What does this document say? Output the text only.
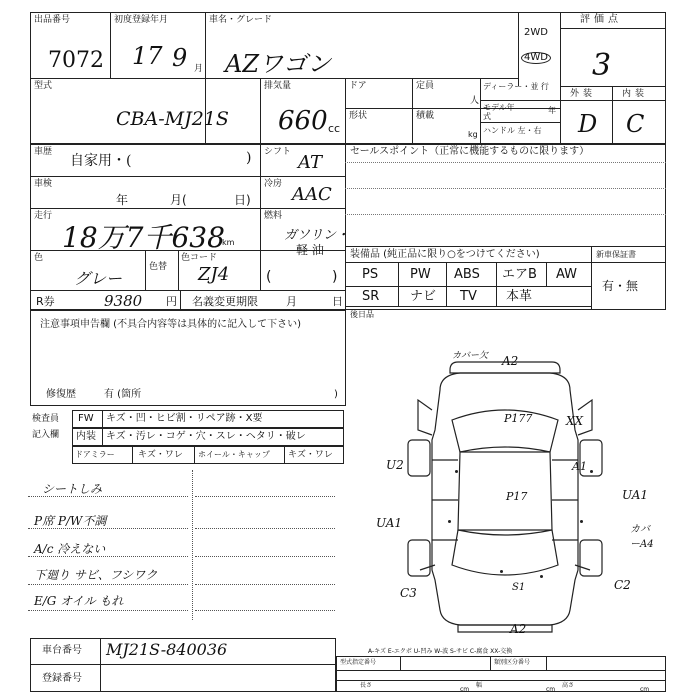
出品番号
7072
初度登録年月
17 9 月
車名・グレード
AZワゴン
2WD
4WD
評価点
3
型式
CBA-MJ21S
排気量
660 cc
ドア	定員
人
形状	積載
kg
ディーラー・並 行
モデル年式
年
ハンドル 左・右
外装	内装
D C
車歴
自家用・(	) シフト AT
セールスポイント（正常に機能するものに限ります）
車検
年	月(	日)
冷房 AAC
走行
18万7千638
km
燃料
ガソリン・
軽 油
色
グレー
色替
色コード
ZJ4	(	)
装備品 (純正品に限り○をつけてください)	新車保証書
PS PW ABS エアB AW
SR ナビ TV 本革
有・無
後日品
R券	9380 円 名義変更期限	月	日
注意事項申告欄 (不具合内容等は具体的に記入して下さい)
修復歴	有 (箇所	)
検査員
記入欄
FW キズ・凹・ヒビ割・リペア跡・X要
内装 キズ・汚レ・コゲ・穴・スレ・ヘタリ・破レ
ドアミラー	キズ・ワレ ホイール・キャップ キズ・ワレ
シートしみ
P席 P/W不調
A/c 冷えない
下廻り サビ、フシワク
E/G オイル もれ
カバー欠 A2
P177	XX
U2	A1
P17	UA1
UA1	カバーA4
C3	S1	C2
A2
車台番号 MJ21S-840036
登録番号
A-キズ E-エクボ U-凹み W-波 S-サビ C-腐食 XX-交換
型式指定番号	類別区分番号
長さ	幅	高さ
cm	cm	cm
